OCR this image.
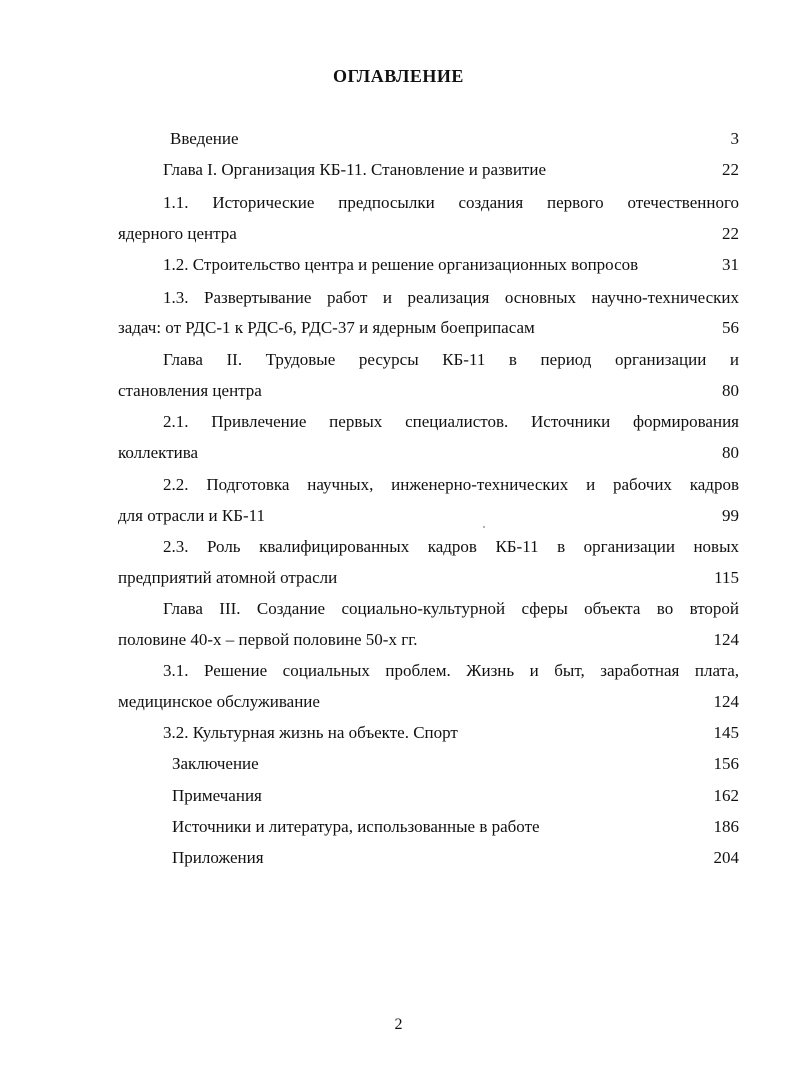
ОГЛАВЛЕНИЕ
Введение	3
Глава I. Организация КБ-11. Становление и развитие	22
1.1. Исторические предпосылки создания первого отечественного
ядерного центра	22
1.2. Строительство центра и решение организационных вопросов	31
1.3. Развертывание работ и реализация основных научно-технических
задач: от РДС-1 к РДС-6, РДС-37 и ядерным боеприпасам	56
Глава II. Трудовые ресурсы КБ-11 в период организации и
становления центра	80
2.1. Привлечение первых специалистов. Источники формирования
коллектива	80
2.2. Подготовка научных, инженерно-технических и рабочих кадров
для отрасли и КБ-11	99
2.3. Роль квалифицированных кадров КБ-11 в организации новых
предприятий атомной отрасли	115
Глава III. Создание социально-культурной сферы объекта во второй
половине 40-х – первой половине 50-х гг.	124
3.1. Решение социальных проблем. Жизнь и быт, заработная плата,
медицинское обслуживание	124
3.2. Культурная жизнь на объекте. Спорт	145
Заключение	156
Примечания	162
Источники и литература, использованные в работе	186
Приложения	204
2
